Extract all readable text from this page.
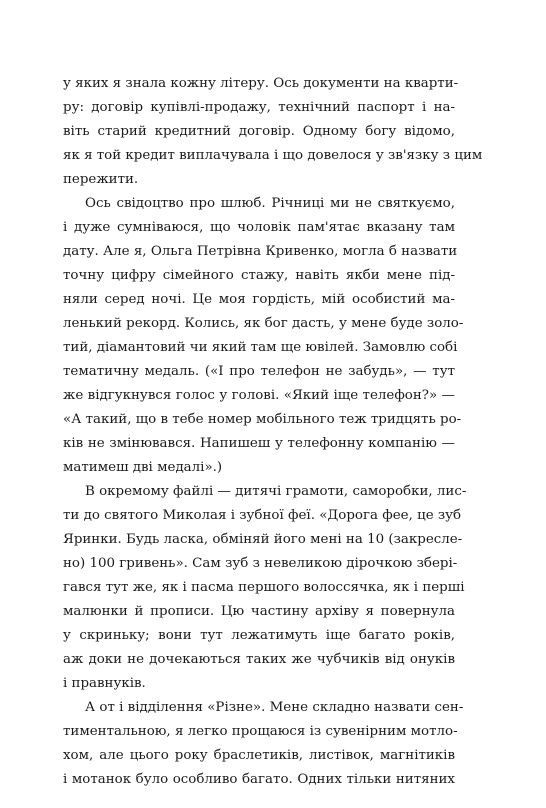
у яких я знала кожну літеру. Ось документи на кварти-
ру: договір купівлі-продажу, технічний паспорт і на-
віть старий кредитний договір. Одному богу відомо,
як я той кредит виплачувала і що довелося у зв'язку з цим
пережити.
Ось свідоцтво про шлюб. Річниці ми не святкуємо,
і дуже сумніваюся, що чоловік пам'ятає вказану там
дату. Але я, Ольга Петрівна Кривенко, могла б назвати
точну цифру сімейного стажу, навіть якби мене під-
няли серед ночі. Це моя гордість, мій особистий ма-
ленький рекорд. Колись, як бог дасть, у мене буде золо-
тий, діамантовий чи який там ще ювілей. Замовлю собі
тематичну медаль. («І про телефон не забудь», — тут
же відгукнувся голос у голові. «Який іще телефон?» —
«А такий, що в тебе номер мобільного теж тридцять ро-
ків не змінювався. Напишеш у телефонну компанію —
матимеш дві медалі».)
В окремому файлі — дитячі грамоти, саморобки, лис-
ти до святого Миколая і зубної феї. «Дорога фее, це зуб
Яринки. Будь ласка, обміняй його мені на 10 (закреслe-
но) 100 гривень». Сам зуб з невеликою дірочкою зберi-
гався тут же, як і пасма першого волоссячка, як і перші
малюнки й прописи. Цю частину архіву я повернула
у скриньку; вони тут лежатимуть іще багато років,
аж доки не дочекаються таких же чубчиків від онуків
і правнуків.
А от і відділення «Різне». Мене складно назвати сен-
тиментальною, я легко прощаюся із сувенірним мотло-
хом, але цього року браслетиків, листівок, магнітиків
і мотанок було особливо багато. Одних тільки нитяних
